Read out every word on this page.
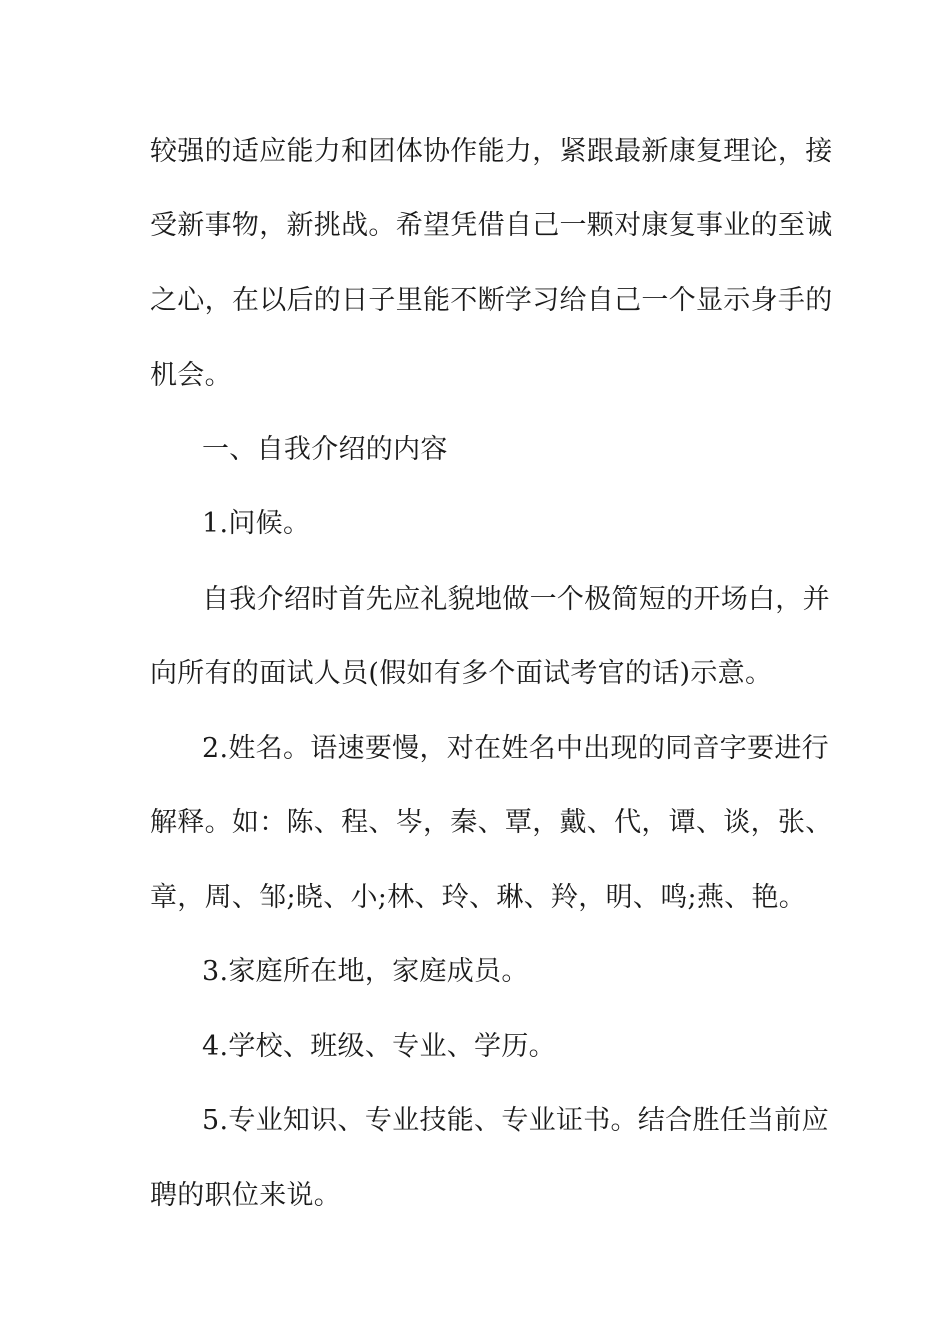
较强的适应能力和团体协作能力，紧跟最新康复理论，接
受新事物，新挑战。希望凭借自己一颗对康复事业的至诚
之心，在以后的日子里能不断学习给自己一个显示身手的
机会。
一、自我介绍的内容
1.问候。
自我介绍时首先应礼貌地做一个极简短的开场白，并
向所有的面试人员(假如有多个面试考官的话)示意。
2.姓名。语速要慢，对在姓名中出现的同音字要进行
解释。如：陈、程、岑，秦、覃，戴、代，谭、谈，张、
章，周、邹;晓、小;林、玲、琳、羚，明、鸣;燕、艳。
3.家庭所在地，家庭成员。
4.学校、班级、专业、学历。
5.专业知识、专业技能、专业证书。结合胜任当前应
聘的职位来说。
